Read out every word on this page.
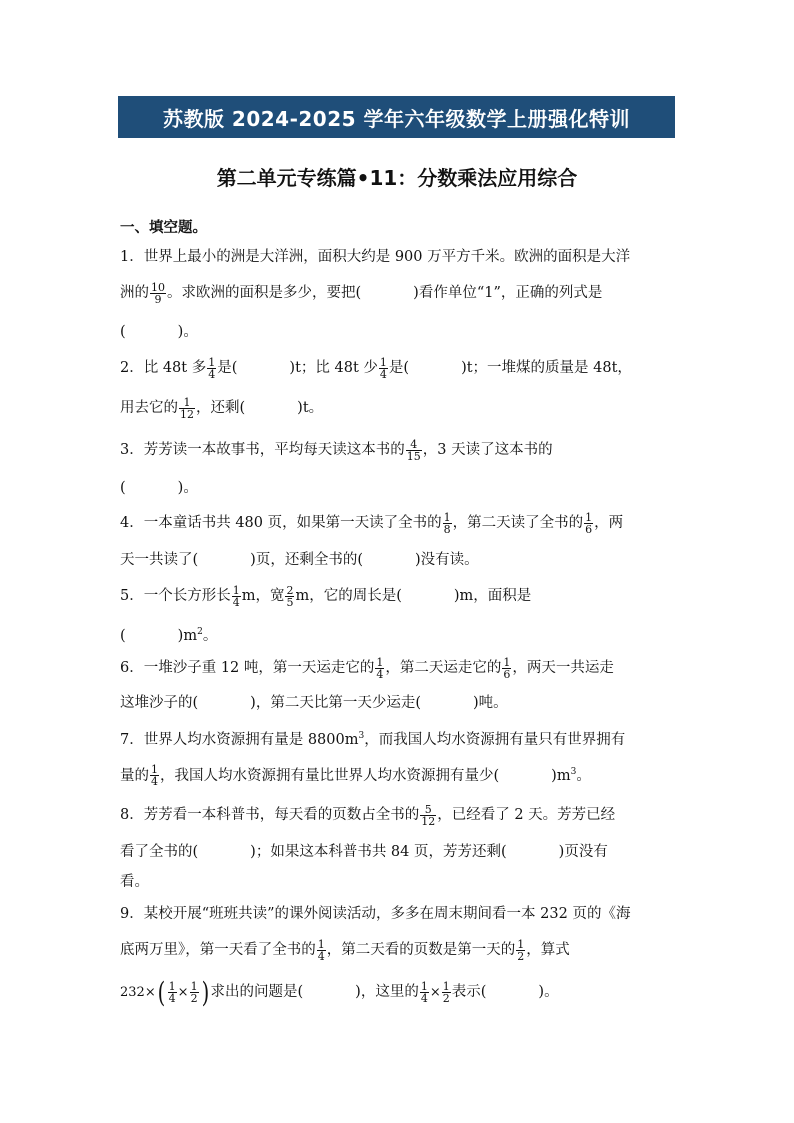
苏教版 2024-2025 学年六年级数学上册强化特训
第二单元专练篇•11：分数乘法应用综合
一、填空题。
1．世界上最小的洲是大洋洲，面积大约是 900 万平方千米。欧洲的面积是大洋
洲的 $\frac{10}{9}$ 。求欧洲的面积是多少，要把(	)看作单位“1”，正确的列式是
(	)。
2．比 48t 多 $\frac{1}{4}$ 是(	)t；比 48t 少 $\frac{1}{4}$ 是(	)t；一堆煤的质量是 48t，
用去它的 $\frac{1}{12}$ ，还剩(	)t。
3．芳芳读一本故事书，平均每天读这本书的 $\frac{4}{15}$ ，3 天读了这本书的
(	)。
4．一本童话书共 480 页，如果第一天读了全书的 $\frac{1}{8}$ ，第二天读了全书的 $\frac{1}{6}$ ，两
天一共读了(	)页，还剩全书的(	)没有读。
5．一个长方形长 $\frac{1}{4}$ m，宽 $\frac{2}{5}$ m，它的周长是(	)m，面积是
(	)$m^2$。
6．一堆沙子重 12 吨，第一天运走它的 $\frac{1}{4}$ ，第二天运走它的 $\frac{1}{6}$ ，两天一共运走
这堆沙子的(	)，第二天比第一天少运走(	)吨。
7．世界人均水资源拥有量是 $8800m^3$，而我国人均水资源拥有量只有世界拥有
量的 $\frac{1}{4}$ ，我国人均水资源拥有量比世界人均水资源拥有量少(	)$m^3$。
8．芳芳看一本科普书，每天看的页数占全书的 $\frac{5}{12}$ ，已经看了 2 天。芳芳已经
看了全书的(	)；如果这本科普书共 84 页，芳芳还剩(	)页没有
看。
9．某校开展“班班共读”的课外阅读活动，多多在周末期间看一本 232 页的《海
底两万里》，第一天看了全书的 $\frac{1}{4}$ ，第二天看的页数是第一天的 $\frac{1}{2}$ ，算式
$232\times( \frac{1}{4} \times \frac{1}{2}$ ) 求出的问题是(	)，这里的 $\frac{1}{4} \times \frac{1}{2}$ 表示(	)。
